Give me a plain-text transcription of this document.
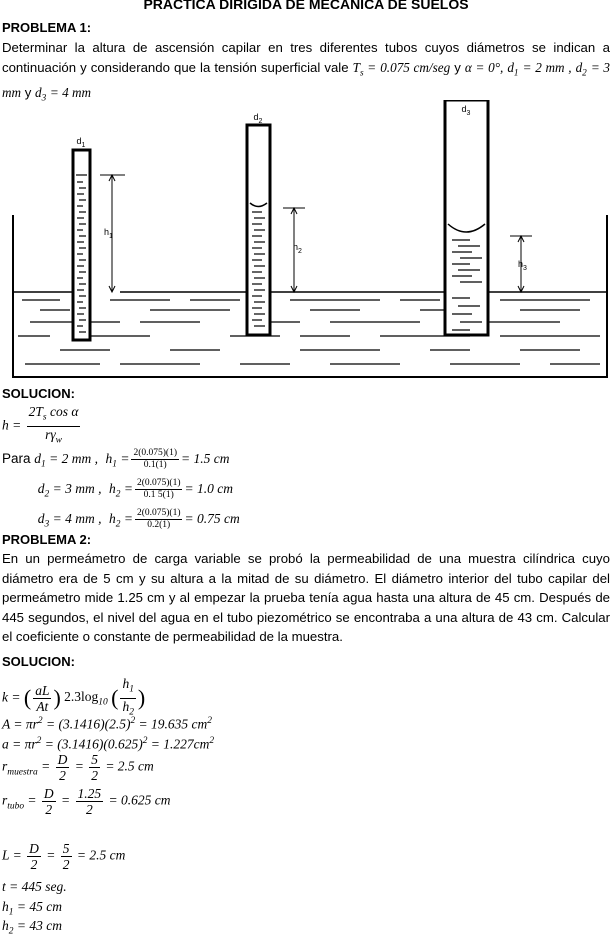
PRACTICA DIRIGIDA DE MECANICA DE SUELOS
PROBLEMA 1:
Determinar la altura de ascensión capilar en tres diferentes tubos cuyos diámetros se indican a continuación y considerando que la tensión superficial vale $T_s = 0.075$ cm/seg y α = 0°, $d_1 = 2$ mm , $d_2 = 3$ mm y $d_3 = 4$ mm
$d_1$
$h_1$
$d_2$
$h_2$
$d_3$
$h_3$
SOLUCION:
$h = \frac{2T_s \cos \alpha}{r\gamma_w}$
Para $d_1 = 2$ mm , $h_1 = \frac{2(0.075)(1)}{0.1(1)} = 1.5$ cm
$d_2 = 3$ mm , $h_2 = \frac{2(0.075)(1)}{0.1 5(1)} = 1.0$ cm
$d_3 = 4$ mm , $h_2 = \frac{2(0.075)(1)}{0.2(1)} = 0.75$ cm
PROBLEMA 2:
En un permeámetro de carga variable se probó la permeabilidad de una muestra cilíndrica cuyo diámetro era de 5 cm y su altura a la mitad de su diámetro. El diámetro interior del tubo capilar del permeámetro mide 1.25 cm y al empezar la prueba tenía agua hasta una altura de 45 cm. Después de 445 segundos, el nivel del agua en el tubo piezométrico se encontraba a una altura de 43 cm. Calcular el coeficiente o constante de permeabilidad de la muestra.
SOLUCION:
k = ( $\frac{aL}{At}$ ) $2.3\log_{10}$ ( $\frac{h_1}{h_2}$ )
$A = \pi r^2 = (3.1416)(2.5)^2 = 19.635$ $cm^2$
$a = \pi r^2 = (3.1416)(0.625)^2 = 1.227cm^2$
$r_{muestra} = \frac{D}{2} = \frac{5}{2} = 2.5$ cm
$r_{tubo} = \frac{D}{2} = \frac{1.25}{2} = 0.625$ cm
$L = \frac{D}{2} = \frac{5}{2} = 2.5$ cm
t = 445 seg.
$h_1 = 45$ cm
$h_2 = 43$ cm
